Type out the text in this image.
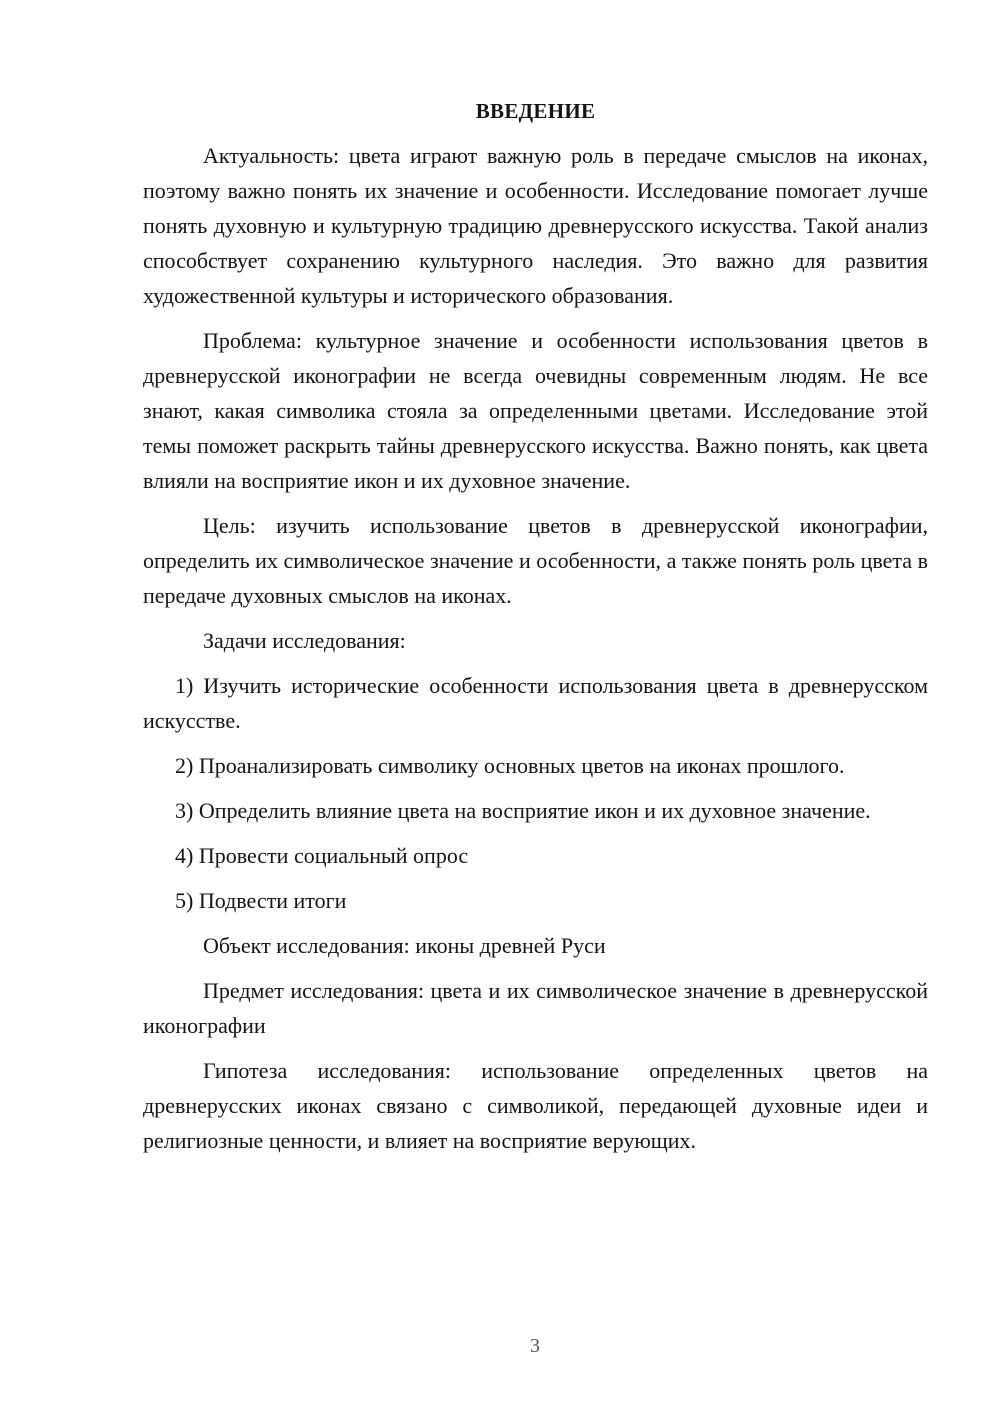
ВВЕДЕНИЕ

Актуальность: цвета играют важную роль в передаче смыслов на иконах, поэтому важно понять их значение и особенности. Исследование помогает лучше понять духовную и культурную традицию древнерусского искусства. Такой анализ способствует сохранению культурного наследия. Это важно для развития художественной культуры и исторического образования.

Проблема: культурное значение и особенности использования цветов в древнерусской иконографии не всегда очевидны современным людям. Не все знают, какая символика стояла за определенными цветами. Исследование этой темы поможет раскрыть тайны древнерусского искусства. Важно понять, как цвета влияли на восприятие икон и их духовное значение.

Цель: изучить использование цветов в древнерусской иконографии, определить их символическое значение и особенности, а также понять роль цвета в передаче духовных смыслов на иконах.

Задачи исследования:

1) Изучить исторические особенности использования цвета в древнерусском искусстве.

2) Проанализировать символику основных цветов на иконах прошлого.

3) Определить влияние цвета на восприятие икон и их духовное значение.

4) Провести социальный опрос

5) Подвести итоги

Объект исследования: иконы древней Руси

Предмет исследования: цвета и их символическое значение в древнерусской иконографии

Гипотеза исследования: использование определенных цветов на древнерусских иконах связано с символикой, передающей духовные идеи и религиозные ценности, и влияет на восприятие верующих.

3
